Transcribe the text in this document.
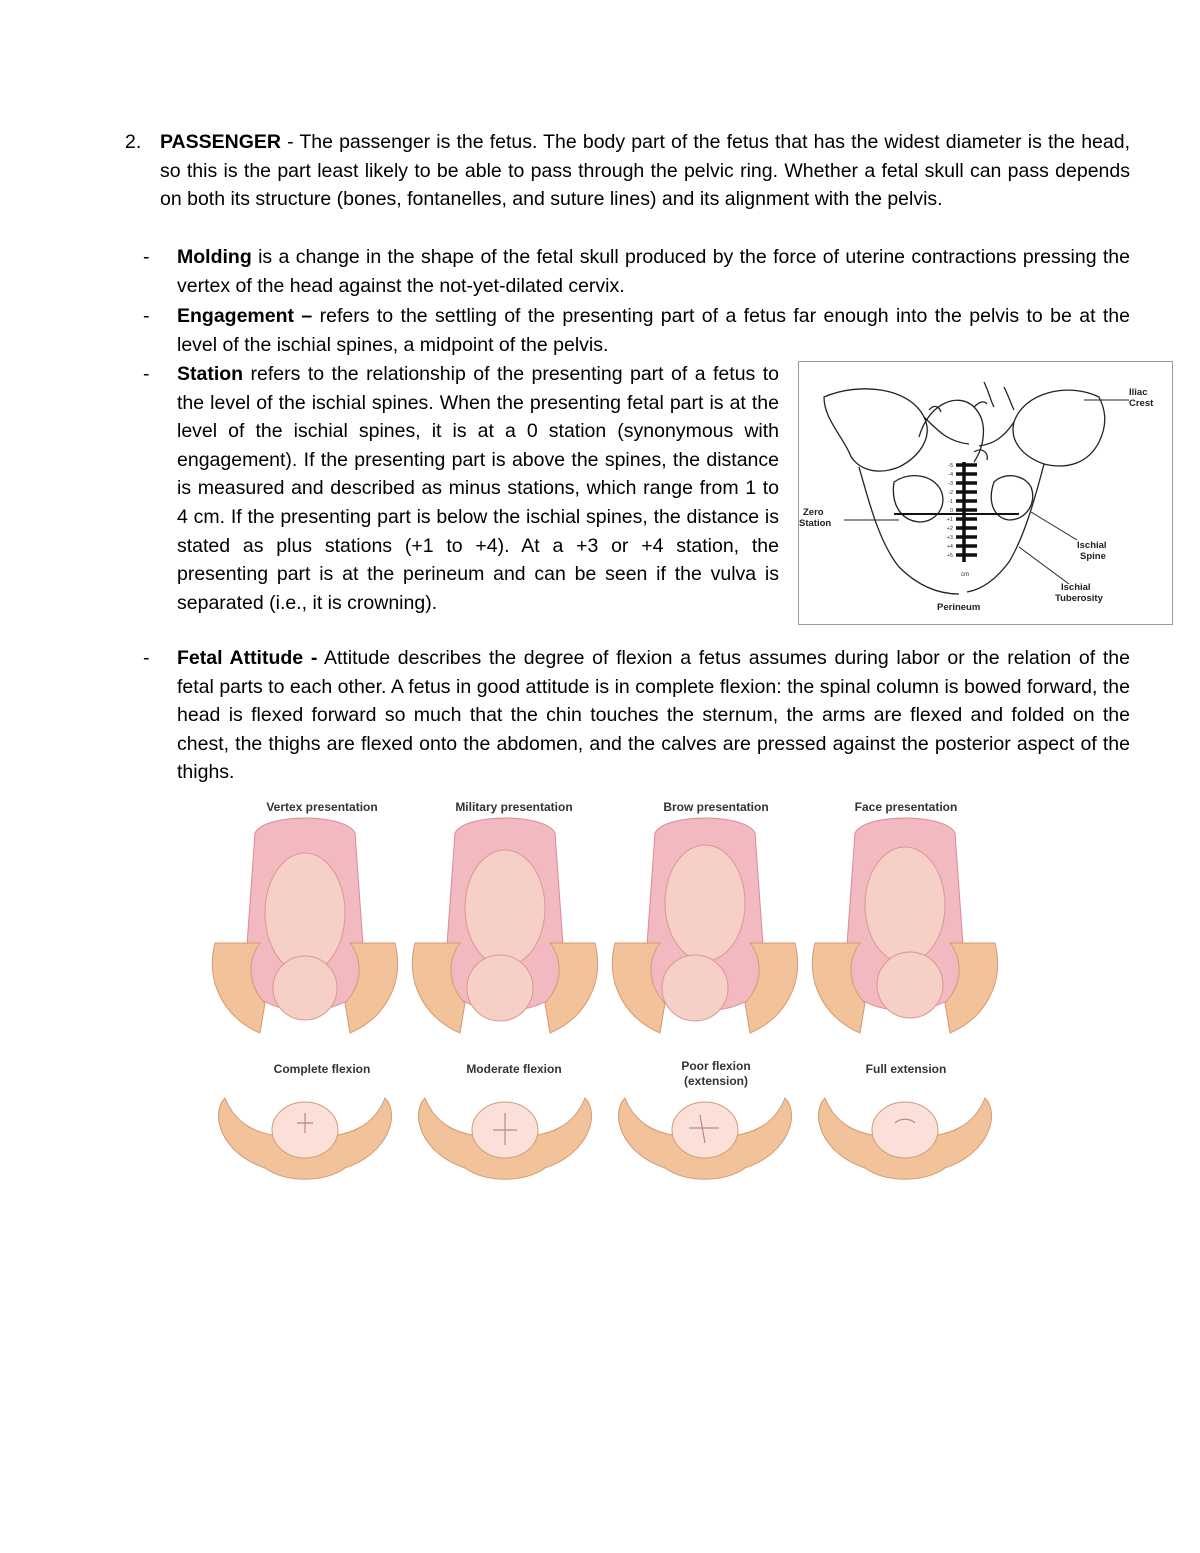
2. PASSENGER - The passenger is the fetus. The body part of the fetus that has the widest diameter is the head, so this is the part least likely to be able to pass through the pelvic ring. Whether a fetal skull can pass depends on both its structure (bones, fontanelles, and suture lines) and its alignment with the pelvis.
- Molding is a change in the shape of the fetal skull produced by the force of uterine contractions pressing the vertex of the head against the not-yet-dilated cervix.
- Engagement – refers to the settling of the presenting part of a fetus far enough into the pelvis to be at the level of the ischial spines, a midpoint of the pelvis.
- Station refers to the relationship of the presenting part of a fetus to the level of the ischial spines. When the presenting fetal part is at the level of the ischial spines, it is at a 0 station (synonymous with engagement). If the presenting part is above the spines, the distance is measured and described as minus stations, which range from 1 to 4 cm. If the presenting part is below the ischial spines, the distance is stated as plus stations (+1 to +4). At a +3 or +4 station, the presenting part is at the perineum and can be seen if the vulva is separated (i.e., it is crowning).
- Fetal Attitude - Attitude describes the degree of flexion a fetus assumes during labor or the relation of the fetal parts to each other. A fetus in good attitude is in complete flexion: the spinal column is bowed forward, the head is flexed forward so much that the chin touches the sternum, the arms are flexed and folded on the chest, the thighs are flexed onto the abdomen, and the calves are pressed against the posterior aspect of the thighs.
-5
-4
-3
-2
-1
0
+1
+2
+3
+4
+5
cm
Iliac
Crest
Zero
Station
Ischial
Spine
Ischial
Tuberosity
Perineum
Vertex presentation	Military presentation	Brow presentation	Face presentation
Complete flexion	Moderate flexion	Poor flexion
(extension)
Full extension
